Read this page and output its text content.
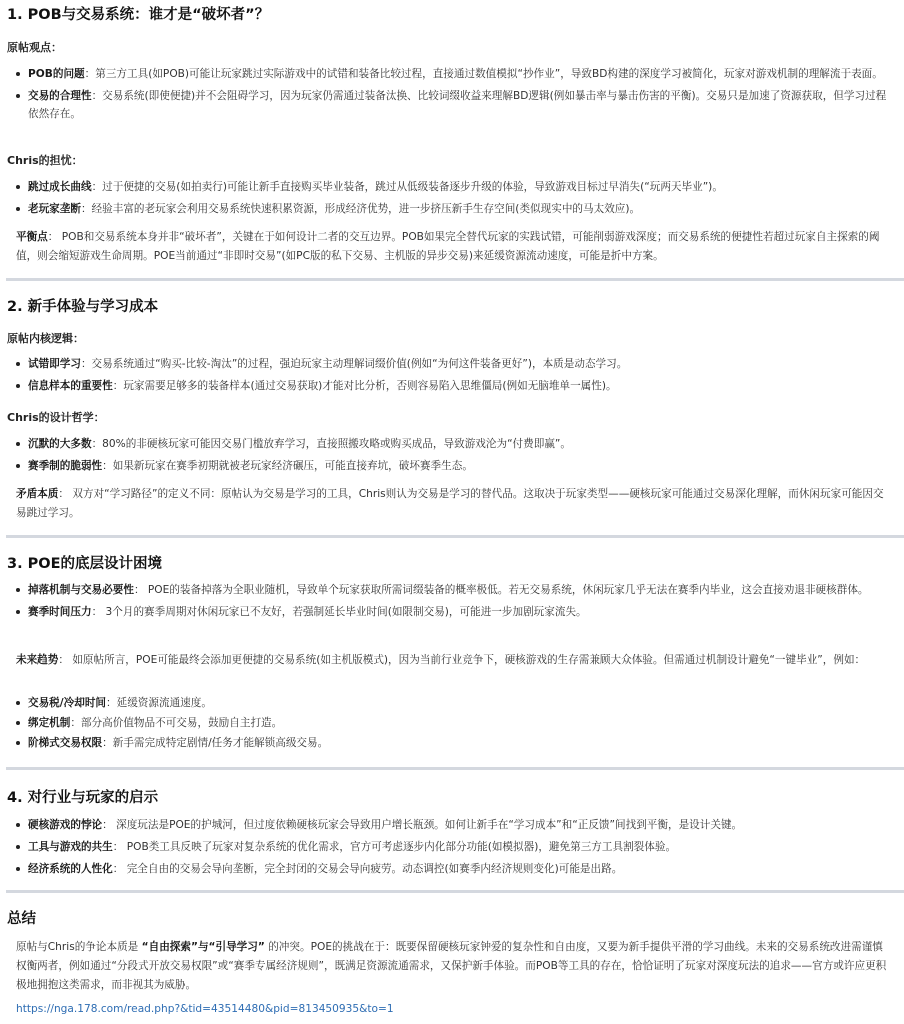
1. POB与交易系统：谁才是“破坏者”？
原帖观点：
POB的问题：第三方工具(如POB)可能让玩家跳过实际游戏中的试错和装备比较过程，直接通过数值模拟“抄作业”，导致BD构建的深度学习被简化，玩家对游戏机制的理解流于表面。
交易的合理性：交易系统(即使便捷)并不会阻碍学习，因为玩家仍需通过装备汰换、比较词缀收益来理解BD逻辑(例如暴击率与暴击伤害的平衡)。交易只是加速了资源获取，但学习过程依然存在。
Chris的担忧：
跳过成长曲线：过于便捷的交易(如拍卖行)可能让新手直接购买毕业装备，跳过从低级装备逐步升级的体验，导致游戏目标过早消失(“玩两天毕业”)。
老玩家垄断：经验丰富的老玩家会利用交易系统快速积累资源，形成经济优势，进一步挤压新手生存空间(类似现实中的马太效应)。
平衡点： POB和交易系统本身并非“破坏者”，关键在于如何设计二者的交互边界。POB如果完全替代玩家的实践试错，可能削弱游戏深度；而交易系统的便捷性若超过玩家自主探索的阈值，则会缩短游戏生命周期。POE当前通过“非即时交易”(如PC版的私下交易、主机版的异步交易)来延缓资源流动速度，可能是折中方案。
2. 新手体验与学习成本
原帖内核逻辑：
试错即学习：交易系统通过“购买-比较-淘汰”的过程，强迫玩家主动理解词缀价值(例如“为何这件装备更好”)，本质是动态学习。
信息样本的重要性：玩家需要足够多的装备样本(通过交易获取)才能对比分析，否则容易陷入思维僵局(例如无脑堆单一属性)。
Chris的设计哲学：
沉默的大多数：80%的非硬核玩家可能因交易门槛放弃学习，直接照搬攻略或购买成品，导致游戏沦为“付费即赢”。
赛季制的脆弱性：如果新玩家在赛季初期就被老玩家经济碾压，可能直接弃坑，破坏赛季生态。
矛盾本质： 双方对“学习路径”的定义不同：原帖认为交易是学习的工具，Chris则认为交易是学习的替代品。这取决于玩家类型——硬核玩家可能通过交易深化理解，而休闲玩家可能因交易跳过学习。
3. POE的底层设计困境
掉落机制与交易必要性： POE的装备掉落为全职业随机，导致单个玩家获取所需词缀装备的概率极低。若无交易系统，休闲玩家几乎无法在赛季内毕业，这会直接劝退非硬核群体。
赛季时间压力： 3个月的赛季周期对休闲玩家已不友好，若强制延长毕业时间(如限制交易)，可能进一步加剧玩家流失。
未来趋势： 如原帖所言，POE可能最终会添加更便捷的交易系统(如主机版模式)，因为当前行业竞争下，硬核游戏的生存需兼顾大众体验。但需通过机制设计避免“一键毕业”，例如：
交易税/冷却时间：延缓资源流通速度。
绑定机制：部分高价值物品不可交易，鼓励自主打造。
阶梯式交易权限：新手需完成特定剧情/任务才能解锁高级交易。
4. 对行业与玩家的启示
硬核游戏的悖论： 深度玩法是POE的护城河，但过度依赖硬核玩家会导致用户增长瓶颈。如何让新手在“学习成本”和“正反馈”间找到平衡，是设计关键。
工具与游戏的共生： POB类工具反映了玩家对复杂系统的优化需求，官方可考虑逐步内化部分功能(如模拟器)，避免第三方工具割裂体验。
经济系统的人性化： 完全自由的交易会导向垄断，完全封闭的交易会导向疲劳。动态调控(如赛季内经济规则变化)可能是出路。
总结
原帖与Chris的争论本质是 “自由探索”与“引导学习” 的冲突。POE的挑战在于：既要保留硬核玩家钟爱的复杂性和自由度，又要为新手提供平滑的学习曲线。未来的交易系统改进需谨慎权衡两者，例如通过“分段式开放交易权限”或“赛季专属经济规则”，既满足资源流通需求，又保护新手体验。而POB等工具的存在，恰恰证明了玩家对深度玩法的追求——官方或许应更积极地拥抱这类需求，而非视其为威胁。
https://nga.178.com/read.php?&tid=43514480&pid=813450935&to=1
